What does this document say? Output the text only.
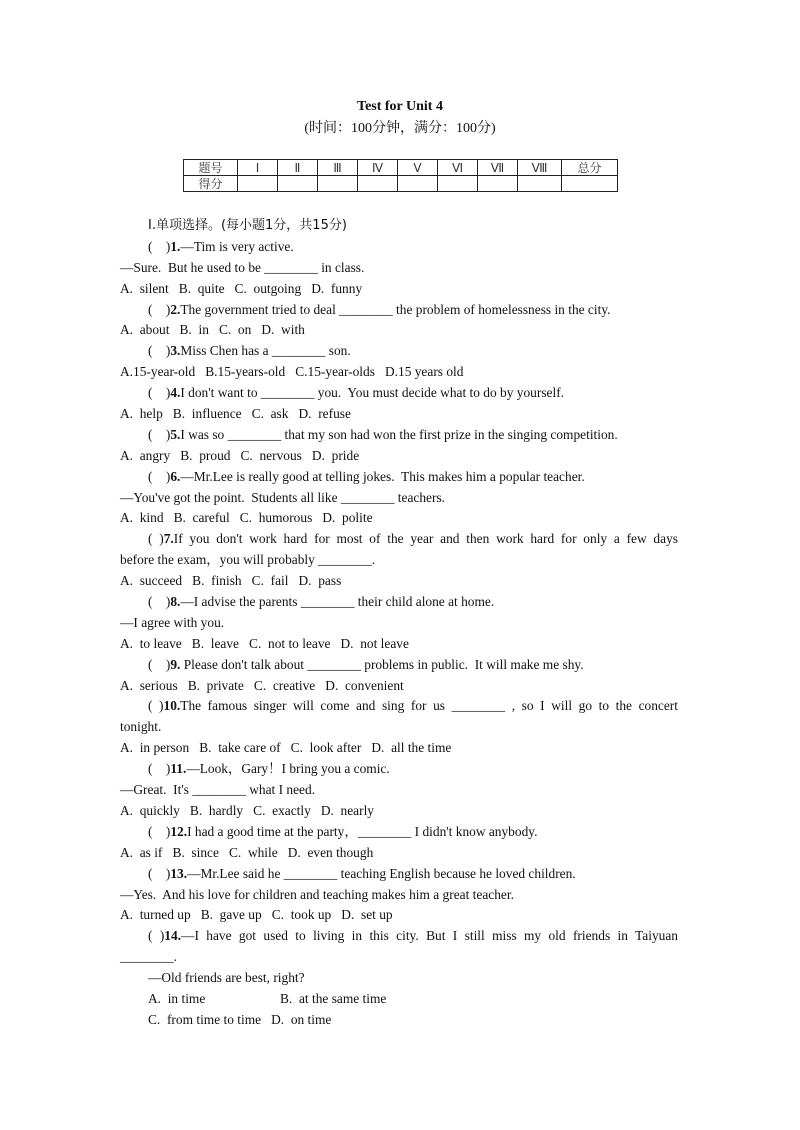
Test for Unit 4
(时间：100分钟，满分：100分)
题号	Ⅰ	Ⅱ	Ⅲ	Ⅳ	Ⅴ	Ⅵ	Ⅶ	Ⅷ	总分
得分									
Ⅰ.单项选择。(每小题1分，共15分)
(    )1.—Tim is very active.
—Sure.  But he used to be ________ in class.
A.  silent   B.  quite   C.  outgoing   D.  funny
(    )2.The government tried to deal ________ the problem of homelessness in the city.
A.  about   B.  in   C.  on   D.  with
(    )3.Miss Chen has a ________ son.
A.15-year-old   B.15-years-old   C.15-year-olds   D.15 years old
(    )4.I don't want to ________ you.  You must decide what to do by yourself.
A.  help   B.  influence   C.  ask   D.  refuse
(    )5.I was so ________ that my son had won the first prize in the singing competition.
A.  angry   B.  proud   C.  nervous   D.  pride
(    )6.—Mr.Lee is really good at telling jokes.  This makes him a popular teacher.
—You've got the point.  Students all like ________ teachers.
A.  kind   B.  careful   C.  humorous   D.  polite
( )7.If you don't work hard for most of the year and then work hard for only a few days
before the exam，you will probably ________.
A.  succeed   B.  finish   C.  fail   D.  pass
(    )8.—I advise the parents ________ their child alone at home.
—I agree with you.
A.  to leave   B.  leave   C.  not to leave   D.  not leave
(    )9. Please don't talk about ________ problems in public.  It will make me shy.
A.  serious   B.  private   C.  creative   D.  convenient
( )10.The famous singer will come and sing for us ________ , so I will go to the concert
tonight.
A.  in person   B.  take care of   C.  look after   D.  all the time
(    )11.—Look，Gary！I bring you a comic.
—Great.  It's ________ what I need.
A.  quickly   B.  hardly   C.  exactly   D.  nearly
(    )12.I had a good time at the party，________ I didn't know anybody.
A.  as if   B.  since   C.  while   D.  even though
(    )13.—Mr.Lee said he ________ teaching English because he loved children.
—Yes.  And his love for children and teaching makes him a great teacher.
A.  turned up   B.  gave up   C.  took up   D.  set up
( )14.—I have got used to living in this city. But I still miss my old friends in Taiyuan
________.
—Old friends are best, right?
A.  in time	B.  at the same time
C.  from time to time D.  on time
